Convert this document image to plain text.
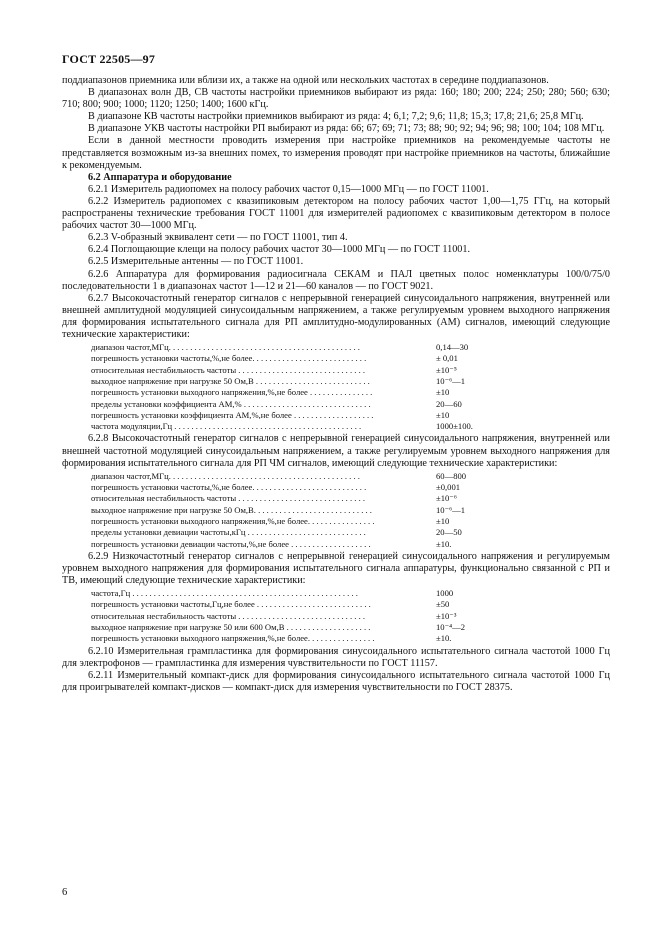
ГОСТ 22505—97

поддиапазонов приемника или вблизи их, а также на одной или нескольких частотах в середине поддиапазонов.

В диапазонах волн ДВ, СВ частоты настройки приемников выбирают из ряда: 160; 180; 200; 224; 250; 280; 560; 630; 710; 800; 900; 1000; 1120; 1250; 1400; 1600 кГц.

В диапазоне КВ частоты настройки приемников выбирают из ряда: 4; 6,1; 7,2; 9,6; 11,8; 15,3; 17,8; 21,6; 25,8 МГц.

В диапазоне УКВ частоты настройки РП выбирают из ряда: 66; 67; 69; 71; 73; 88; 90; 92; 94; 96; 98; 100; 104; 108 МГц.

Если в данной местности проводить измерения при настройке приемников на рекомендуемые частоты не представляется возможным из-за внешних помех, то измерения проводят при настройке приемников на частоты, ближайшие к рекомендуемым.

6.2 Аппаратура и оборудование

6.2.1 Измеритель радиопомех на полосу рабочих частот 0,15—1000 МГц — по ГОСТ 11001.

6.2.2 Измеритель радиопомех с квазипиковым детектором на полосу рабочих частот 1,00—1,75 ГГц, на который распространены технические требования ГОСТ 11001 для измерителей радиопомех с квазипиковым детектором в полосе рабочих частот 30—1000 МГц.

6.2.3 V-образный эквивалент сети — по ГОСТ 11001, тип 4.

6.2.4 Поглощающие клещи на полосу рабочих частот 30—1000 МГц — по ГОСТ 11001.

6.2.5 Измерительные антенны — по ГОСТ 11001.

6.2.6 Аппаратура для формирования радиосигнала СЕКАМ и ПАЛ цветных полос номенклатуры 100/0/75/0 последовательности 1 в диапазонах частот 1—12 и 21—60 каналов — по ГОСТ 9021.

6.2.7 Высокочастотный генератор сигналов с непрерывной генерацией синусоидального напряжения, внутренней или внешней амплитудной модуляцией синусоидальным напряжением, а также регулируемым уровнем выходного напряжения для формирования испытательного сигнала для РП амплитудно-модулированных (АМ) сигналов, имеющий следующие технические характеристики:

диапазон частот,МГц. . . . . . . . . . . . . . . . . . . . . . . . . . . . . . . . . . . . . . . . . . . . .	0,14—30
погрешность установки частоты,%,не более. . . . . . . . . . . . . . . . . . . . . . . . . . .	± 0,01
относительная нестабильность частоты . . . . . . . . . . . . . . . . . . . . . . . . . . . . . .	±10⁻⁵
выходное напряжение при нагрузке 50 Ом,В . . . . . . . . . . . . . . . . . . . . . . . . . . .	10⁻⁶—1
погрешность установки выходного напряжения,%,не более . . . . . . . . . . . . . . .	±10
пределы установки коэффициента АМ,% . . . . . . . . . . . . . . . . . . . . . . . . . . . . . .	20—60
погрешность установки коэффициента АМ,%,не более . . . . . . . . . . . . . . . . . . .	±10
частота модуляции,Гц . . . . . . . . . . . . . . . . . . . . . . . . . . . . . . . . . . . . . . . . . . . .	1000±100.

6.2.8 Высокочастотный генератор сигналов с непрерывной генерацией синусоидального напряжения, внутренней или внешней частотной модуляцией синусоидальным напряжением, а также регулируемым уровнем выходного напряжения для формирования испытательного сигнала для РП ЧМ сигналов, имеющий следующие технические характеристики:

диапазон частот,МГц. . . . . . . . . . . . . . . . . . . . . . . . . . . . . . . . . . . . . . . . . . . . .	60—800
погрешность установки частоты,%,не более. . . . . . . . . . . . . . . . . . . . . . . . . . .	±0,001
относительная нестабильность частоты . . . . . . . . . . . . . . . . . . . . . . . . . . . . . .	±10⁻⁶
выходное напряжение при нагрузке 50 Ом,В. . . . . . . . . . . . . . . . . . . . . . . . . . . .	10⁻⁶—1
погрешность установки выходного напряжения,%,не более. . . . . . . . . . . . . . . .	±10
пределы установки девиации частоты,кГц . . . . . . . . . . . . . . . . . . . . . . . . . . . .	20—50
погрешность установки девиации частоты,%,не более . . . . . . . . . . . . . . . . . . .	±10.

6.2.9 Низкочастотный генератор сигналов с непрерывной генерацией синусоидального напряжения и регулируемым уровнем выходного напряжения для формирования испытательного сигнала аппаратуры, функционально связанной с РП и ТВ, имеющий следующие технические характеристики:

частота,Гц . . . . . . . . . . . . . . . . . . . . . . . . . . . . . . . . . . . . . . . . . . . . . . . . . . . . .	1000
погрешность установки частоты,Гц,не более . . . . . . . . . . . . . . . . . . . . . . . . . . .	±50
относительная нестабильность частоты . . . . . . . . . . . . . . . . . . . . . . . . . . . . . .	±10⁻³
выходное напряжение при нагрузке 50 или 600 Ом,В . . . . . . . . . . . . . . . . . . . .	10⁻⁴—2
погрешность установки выходного напряжения,%,не более. . . . . . . . . . . . . . . .	±10.

6.2.10 Измерительная грампластинка для формирования синусоидального испытательного сигнала частотой 1000 Гц для электрофонов — грампластинка для измерения чувствительности по ГОСТ 11157.

6.2.11 Измерительный компакт-диск для формирования синусоидального испытательного сигнала частотой 1000 Гц для проигрывателей компакт-дисков — компакт-диск для измерения чувствительности по ГОСТ 28375.

6
